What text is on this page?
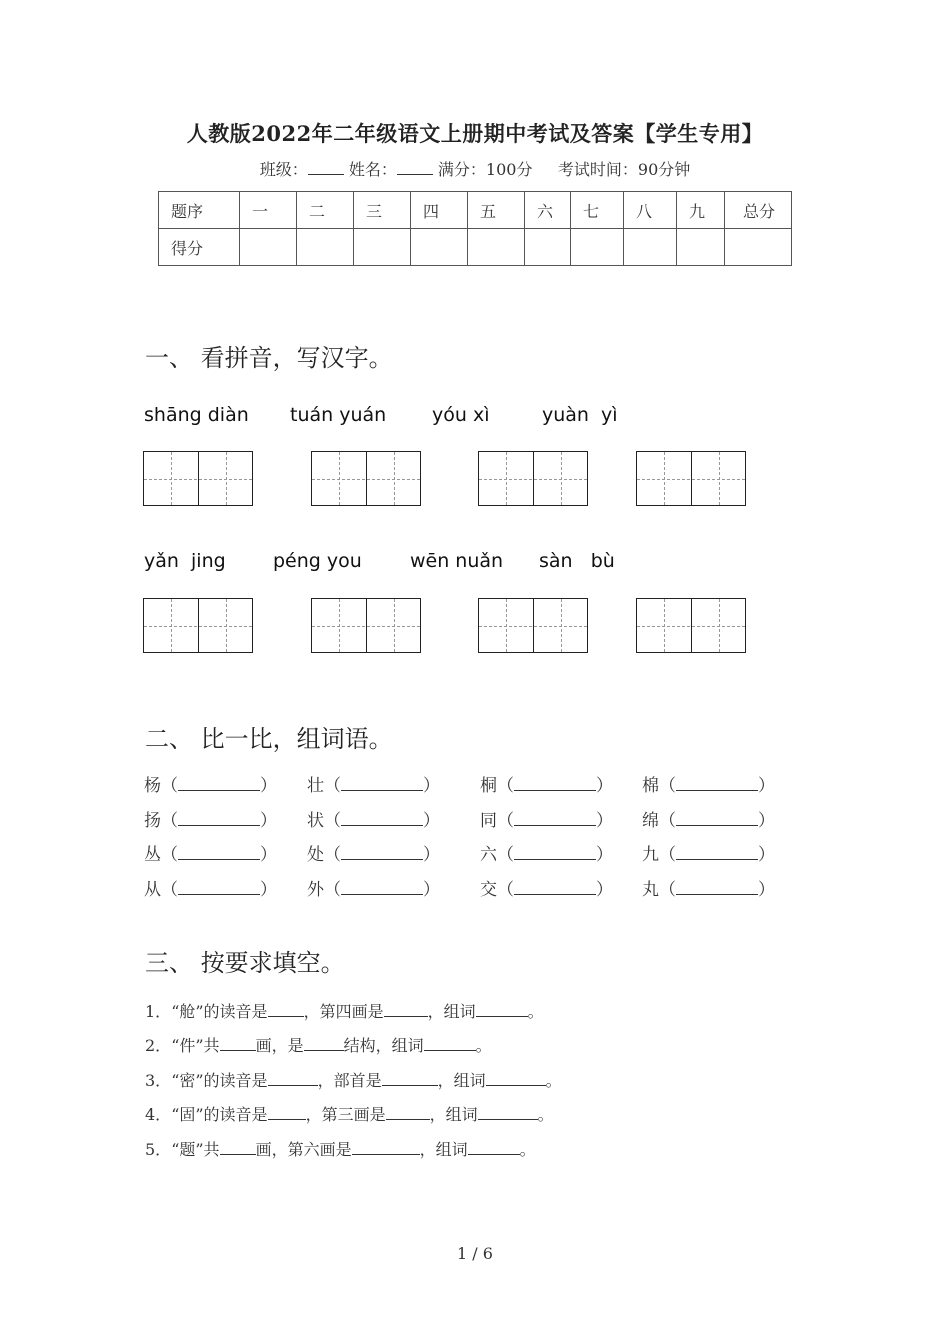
人教版2022年二年级语文上册期中考试及答案【学生专用】
班级：	姓名：	满分：100分 考试时间：90分钟
题序	一	二	三	四	五	六	七	八	九	总分
得分										
一、 看拼音，写汉字。
shāng diàn tuán yuán yóu xì	yuàn  yì
yǎn  jing péng you	wēn nuǎn sàn   bù
二、 比一比，组词语。
杨（	） 壮（	） 桐（	） 棉（	）
扬（	） 状（	） 同（	） 绵（	）
丛（	） 处（	） 六（	） 九（	）
从（	） 外（	） 交（	） 丸（	）
三、 按要求填空。
1．“舱”的读音是 ，第四画是	，组词	。
2．“件”共 画，是	结构，组词	。
3．“密”的读音是	，部首是	，组词	。
4．“固”的读音是 ，第三画是	，组词	。
5．“题”共 画，第六画是	，组词	。
1 / 6
